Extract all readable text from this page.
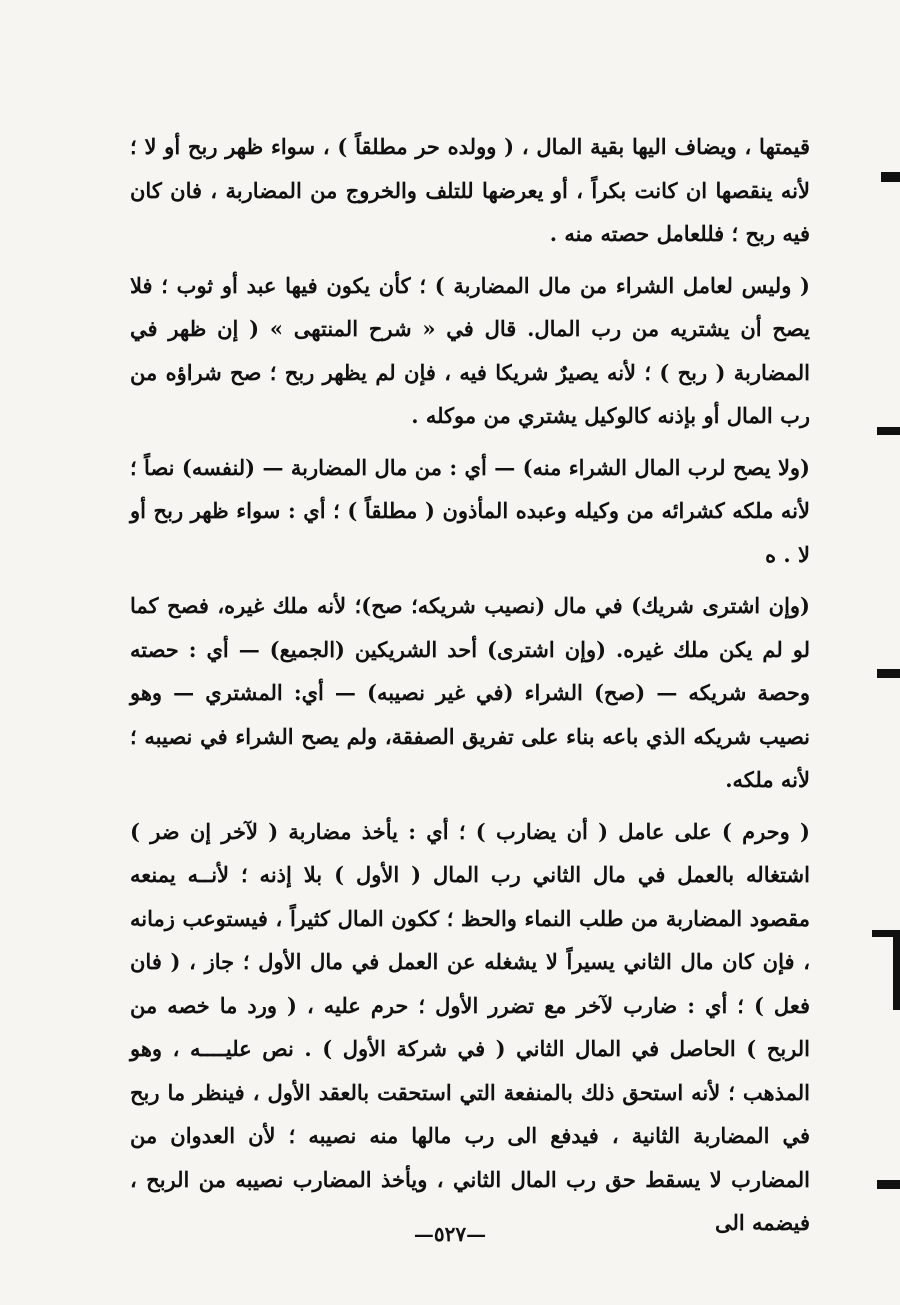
قيمتها ، ويضاف اليها بقية المال ، ( وولده حر مطلقاً ) ، سواء ظهر ربح أو لا ؛ لأنه ينقصها ان كانت بكراً ، أو يعرضها للتلف والخروج من المضاربة ، فان كان فيه ربح ؛ فللعامل حصته منه .

( وليس لعامل الشراء من مال المضاربة ) ؛ كأن يكون فيها عبد أو ثوب ؛ فلا يصح أن يشتريه من رب المال. قال في « شرح المنتهى » ( إن ظهر في المضاربة ( ربح ) ؛ لأنه يصيرٌ شريكا فيه ، فإن لم يظهر ربح ؛ صح شراؤه من رب المال أو بإذنه كالوكيل يشتري من موكله .

(ولا يصح لرب المال الشراء منه) — أي : من مال المضاربة — (لنفسه) نصاً ؛ لأنه ملكه كشرائه من وكيله وعبده المأذون ( مطلقاً ) ؛ أي : سواء ظهر ربح أو لا . ه

(وإن اشترى شريك) في مال (نصيب شريكه؛ صح)؛ لأنه ملك غيره، فصح كما لو لم يكن ملك غيره. (وإن اشترى) أحد الشريكين (الجميع) — أي : حصته وحصة شريكه — (صح) الشراء (في غير نصيبه) — أي: المشتري — وهو نصيب شريكه الذي باعه بناء على تفريق الصفقة، ولم يصح الشراء في نصيبه ؛ لأنه ملكه.

( وحرم ) على عامل ( أن يضارب ) ؛ أي : يأخذ مضاربة ( لآخر إن ضر ) اشتغاله بالعمل في مال الثاني رب المال ( الأول ) بلا إذنه ؛ لأنــه يمنعه مقصود المضاربة من طلب النماء والحظ ؛ ككون المال كثيراً ، فيستوعب زمانه ، فإن كان مال الثاني يسيراً لا يشغله عن العمل في مال الأول ؛ جاز ، ( فان فعل ) ؛ أي : ضارب لآخر مع تضرر الأول ؛ حرم عليه ، ( ورد ما خصه من الربح ) الحاصل في المال الثاني ( في شركة الأول ) . نص عليــــه ، وهو المذهب ؛ لأنه استحق ذلك بالمنفعة التي استحقت بالعقد الأول ، فينظر ما ربح في المضاربة الثانية ، فيدفع الى رب مالها منه نصيبه ؛ لأن العدوان من المضارب لا يسقط حق رب المال الثاني ، ويأخذ المضارب نصيبه من الربح ، فيضمه الى

—٥٢٧—
